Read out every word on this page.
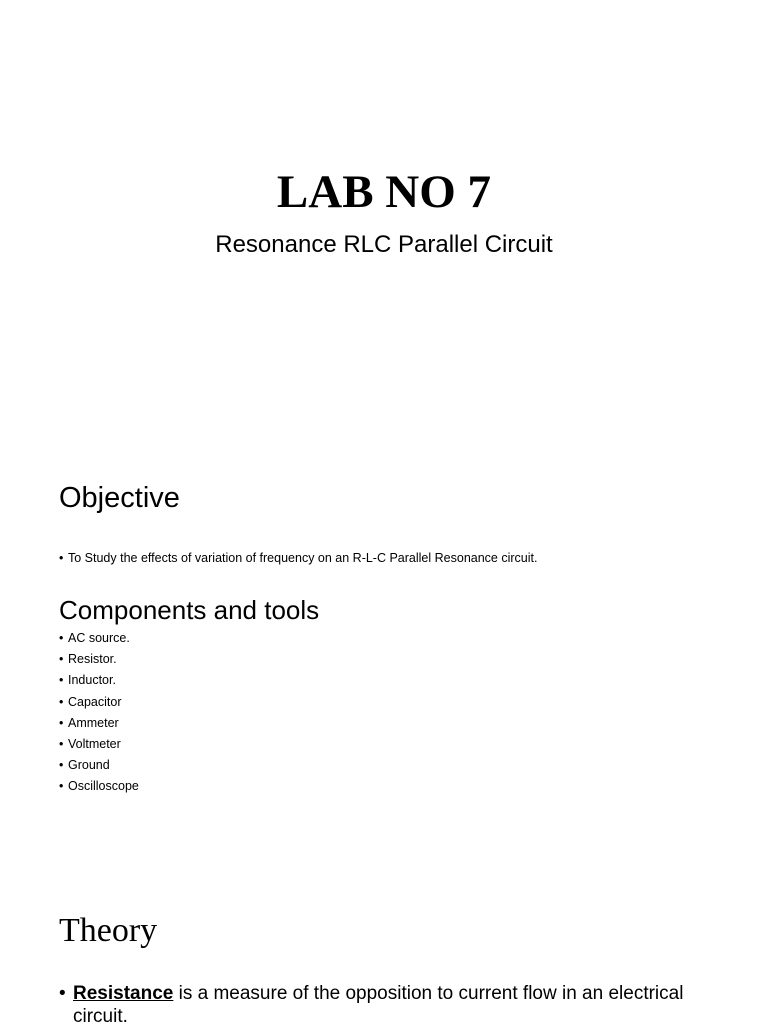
LAB NO 7
Resonance RLC Parallel Circuit
Objective
• To Study the effects of variation of frequency on an R-L-C Parallel Resonance circuit.
Components and tools
• AC source.
• Resistor.
• Inductor.
• Capacitor
• Ammeter
• Voltmeter
• Ground
• Oscilloscope
Theory
• Resistance is a measure of the opposition to current flow in an electrical circuit.
